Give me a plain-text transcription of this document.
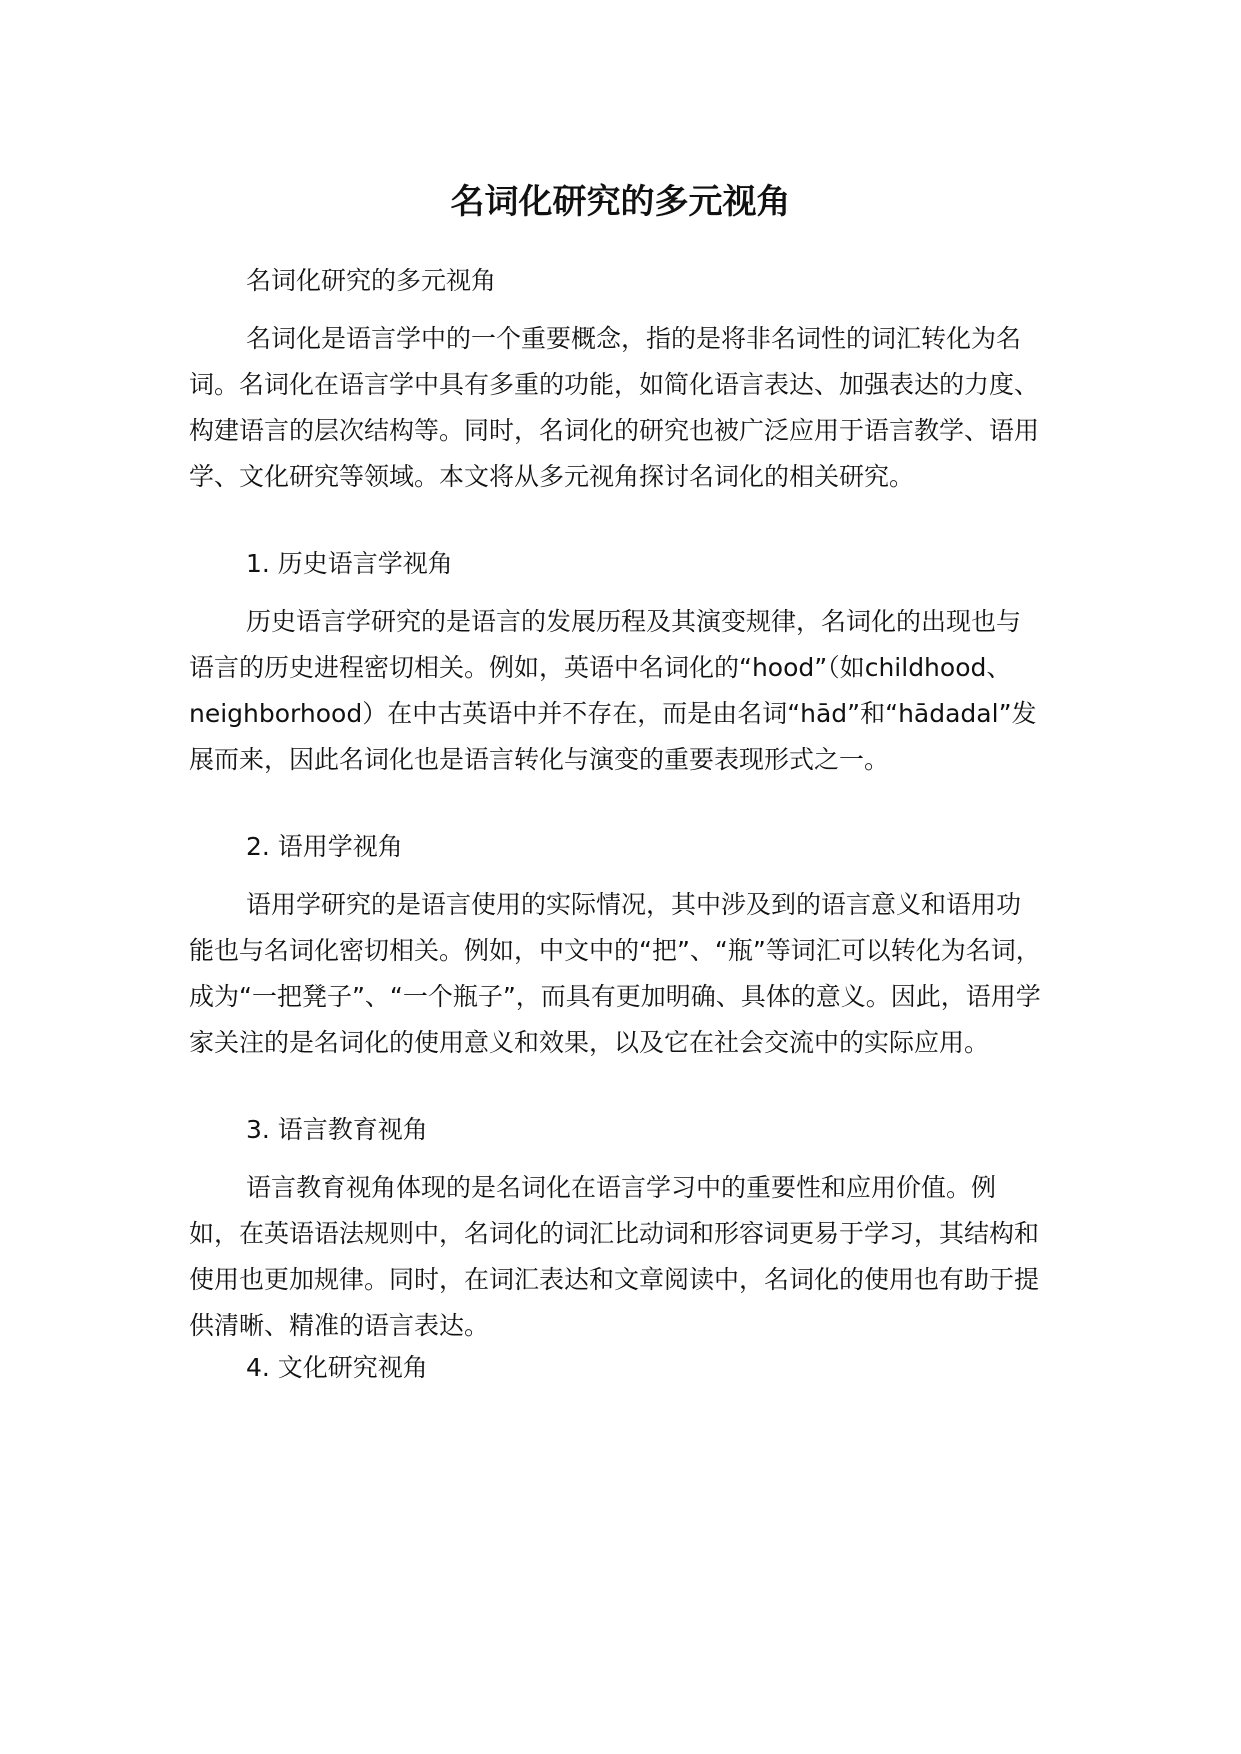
名词化研究的多元视角

名词化研究的多元视角

名词化是语言学中的一个重要概念，指的是将非名词性的词汇转化为名词。名词化在语言学中具有多重的功能，如简化语言表达、加强表达的力度、构建语言的层次结构等。同时，名词化的研究也被广泛应用于语言教学、语用学、文化研究等领域。本文将从多元视角探讨名词化的相关研究。

1. 历史语言学视角

历史语言学研究的是语言的发展历程及其演变规律，名词化的出现也与语言的历史进程密切相关。例如，英语中名词化的“hood”（如childhood、neighborhood）在中古英语中并不存在，而是由名词“hād”和“hādadal”发展而来，因此名词化也是语言转化与演变的重要表现形式之一。

2. 语用学视角

语用学研究的是语言使用的实际情况，其中涉及到的语言意义和语用功能也与名词化密切相关。例如，中文中的“把”、“瓶”等词汇可以转化为名词，成为“一把凳子”、“一个瓶子”，而具有更加明确、具体的意义。因此，语用学家关注的是名词化的使用意义和效果，以及它在社会交流中的实际应用。

3. 语言教育视角

语言教育视角体现的是名词化在语言学习中的重要性和应用价值。例如，在英语语法规则中，名词化的词汇比动词和形容词更易于学习，其结构和使用也更加规律。同时，在词汇表达和文章阅读中，名词化的使用也有助于提供清晰、精准的语言表达。

4. 文化研究视角
